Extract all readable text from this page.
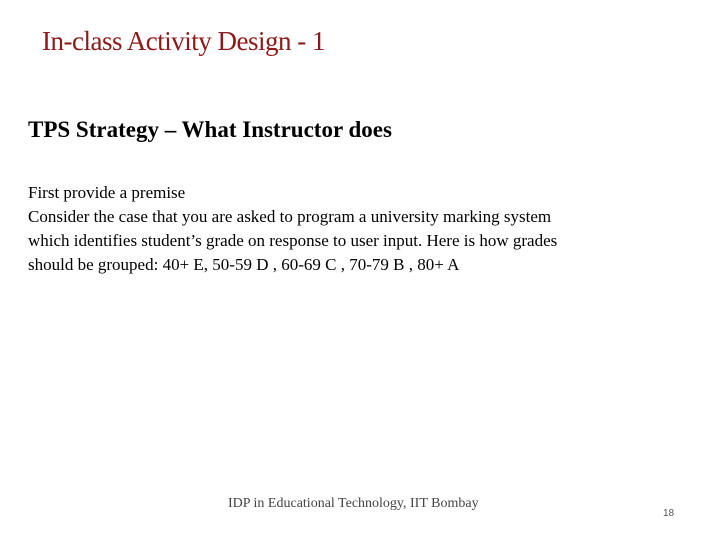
In-class Activity Design - 1
TPS Strategy – What Instructor does
First provide a premise
Consider the case that you are asked to program a university marking system
which identifies student’s grade on response to user input. Here is how grades
should be grouped: 40+ E, 50-59 D , 60-69 C , 70-79 B , 80+ A
IDP in Educational Technology, IIT Bombay
18
